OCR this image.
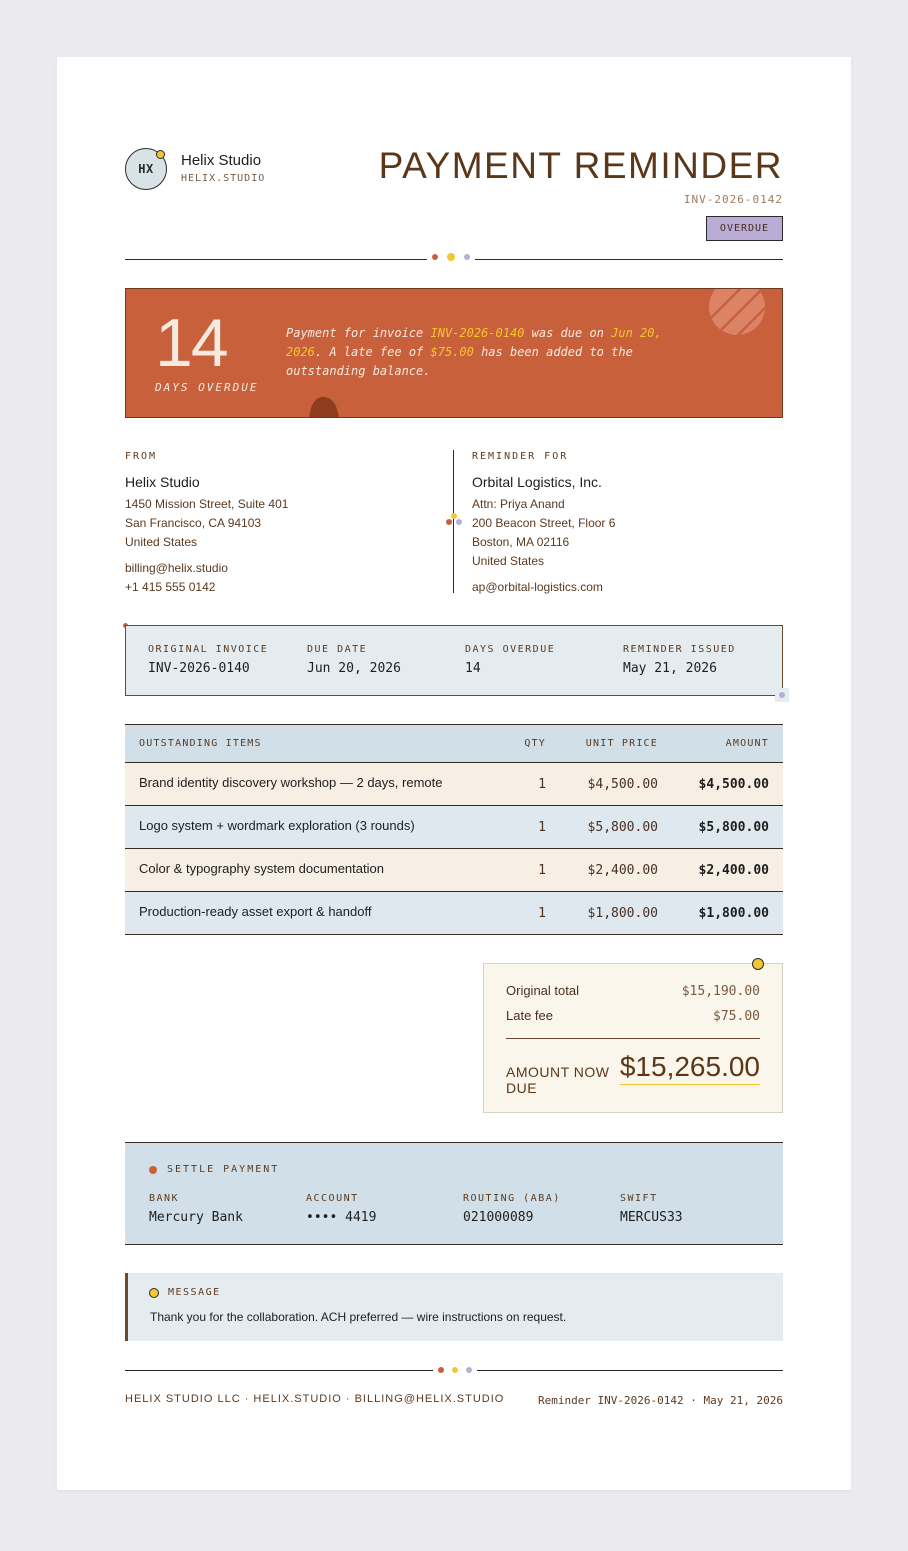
HX	Helix Studio
HELIX.STUDIO	PAYMENT REMINDER
INV-2026-0142
OVERDUE
14
DAYS OVERDUE
Payment for invoice INV-2026-0140 was due on Jun 20, 2026. A late fee of $75.00 has been added to the outstanding balance.
FROM
Helix Studio
1450 Mission Street, Suite 401
San Francisco, CA 94103
United States
billing@helix.studio
+1 415 555 0142
REMINDER FOR
Orbital Logistics, Inc.
Attn: Priya Anand
200 Beacon Street, Floor 6
Boston, MA 02116
United States
ap@orbital-logistics.com
ORIGINAL INVOICE
INV-2026-0140
DUE DATE
Jun 20, 2026
DAYS OVERDUE
14
REMINDER ISSUED
May 21, 2026
OUTSTANDING ITEMS	QTY	UNIT PRICE	AMOUNT
Brand identity discovery workshop — 2 days, remote	1	$4,500.00	$4,500.00
Logo system + wordmark exploration (3 rounds)	1	$5,800.00	$5,800.00
Color & typography system documentation	1	$2,400.00	$2,400.00
Production-ready asset export & handoff	1	$1,800.00	$1,800.00
Original total	$15,190.00
Late fee	$75.00
AMOUNT NOW DUE
$15,265.00
SETTLE PAYMENT
BANK
Mercury Bank
ACCOUNT
•••• 4419
ROUTING (ABA)
021000089
SWIFT
MERCUS33
MESSAGE
Thank you for the collaboration. ACH preferred — wire instructions on request.
HELIX STUDIO LLC · HELIX.STUDIO · BILLING@HELIX.STUDIO	Reminder INV-2026-0142 · May 21, 2026
